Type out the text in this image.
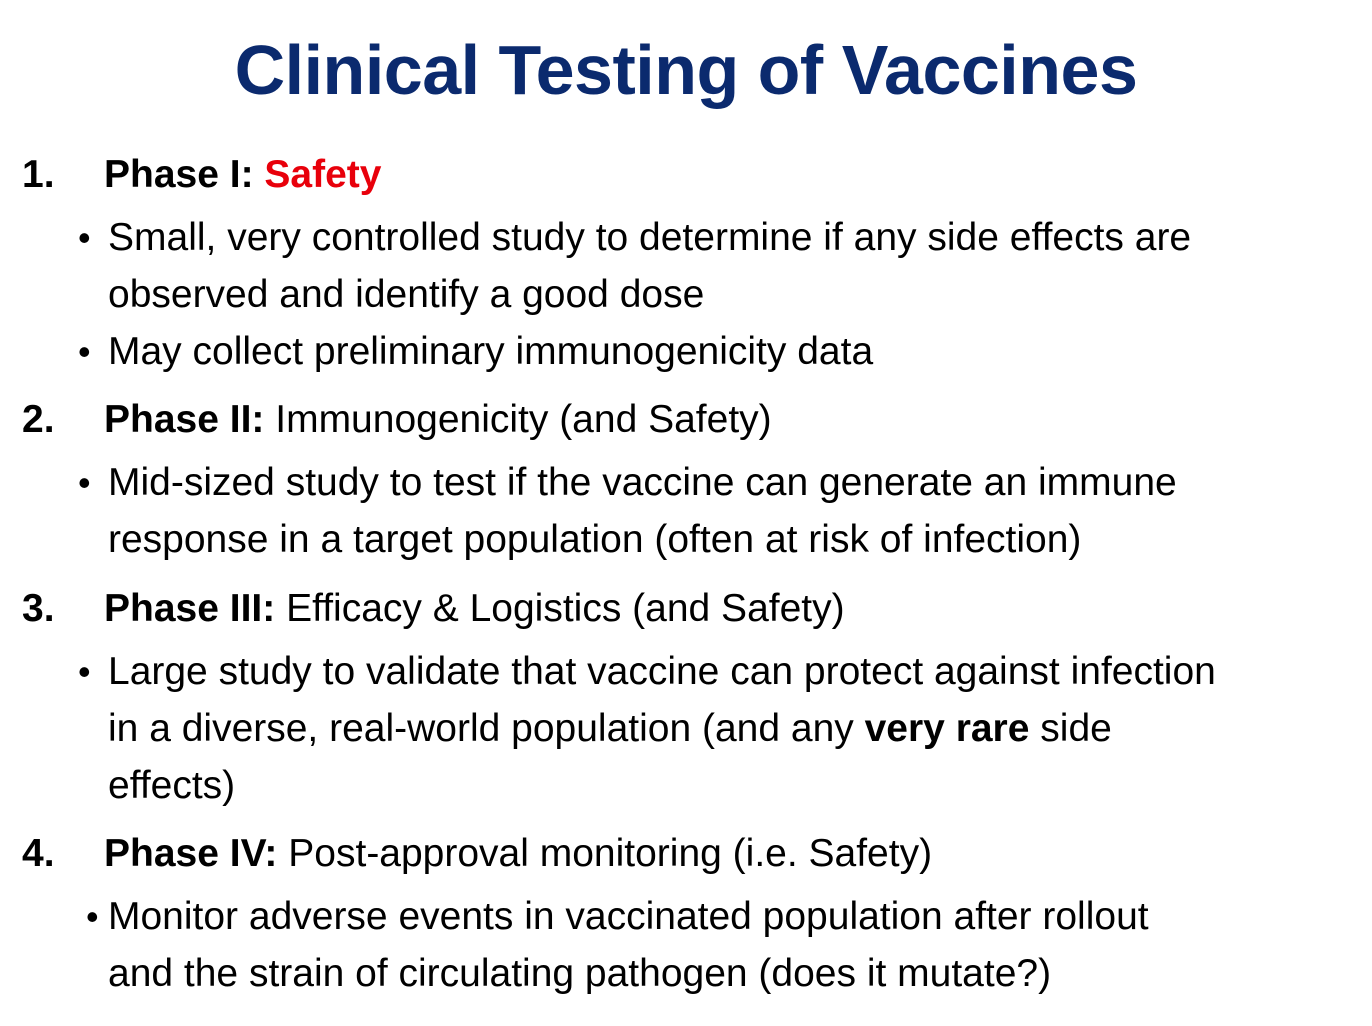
Clinical Testing of Vaccines
1. Phase I: Safety
• Small, very controlled study to determine if any side effects are
observed and identify a good dose
• May collect preliminary immunogenicity data
2. Phase II: Immunogenicity (and Safety)
• Mid-sized study to test if the vaccine can generate an immune
response in a target population (often at risk of infection)
3. Phase III: Efficacy & Logistics (and Safety)
• Large study to validate that vaccine can protect against infection
in a diverse, real-world population (and any very rare side
effects)
4. Phase IV: Post-approval monitoring (i.e. Safety)
• Monitor adverse events in vaccinated population after rollout
and the strain of circulating pathogen (does it mutate?)
